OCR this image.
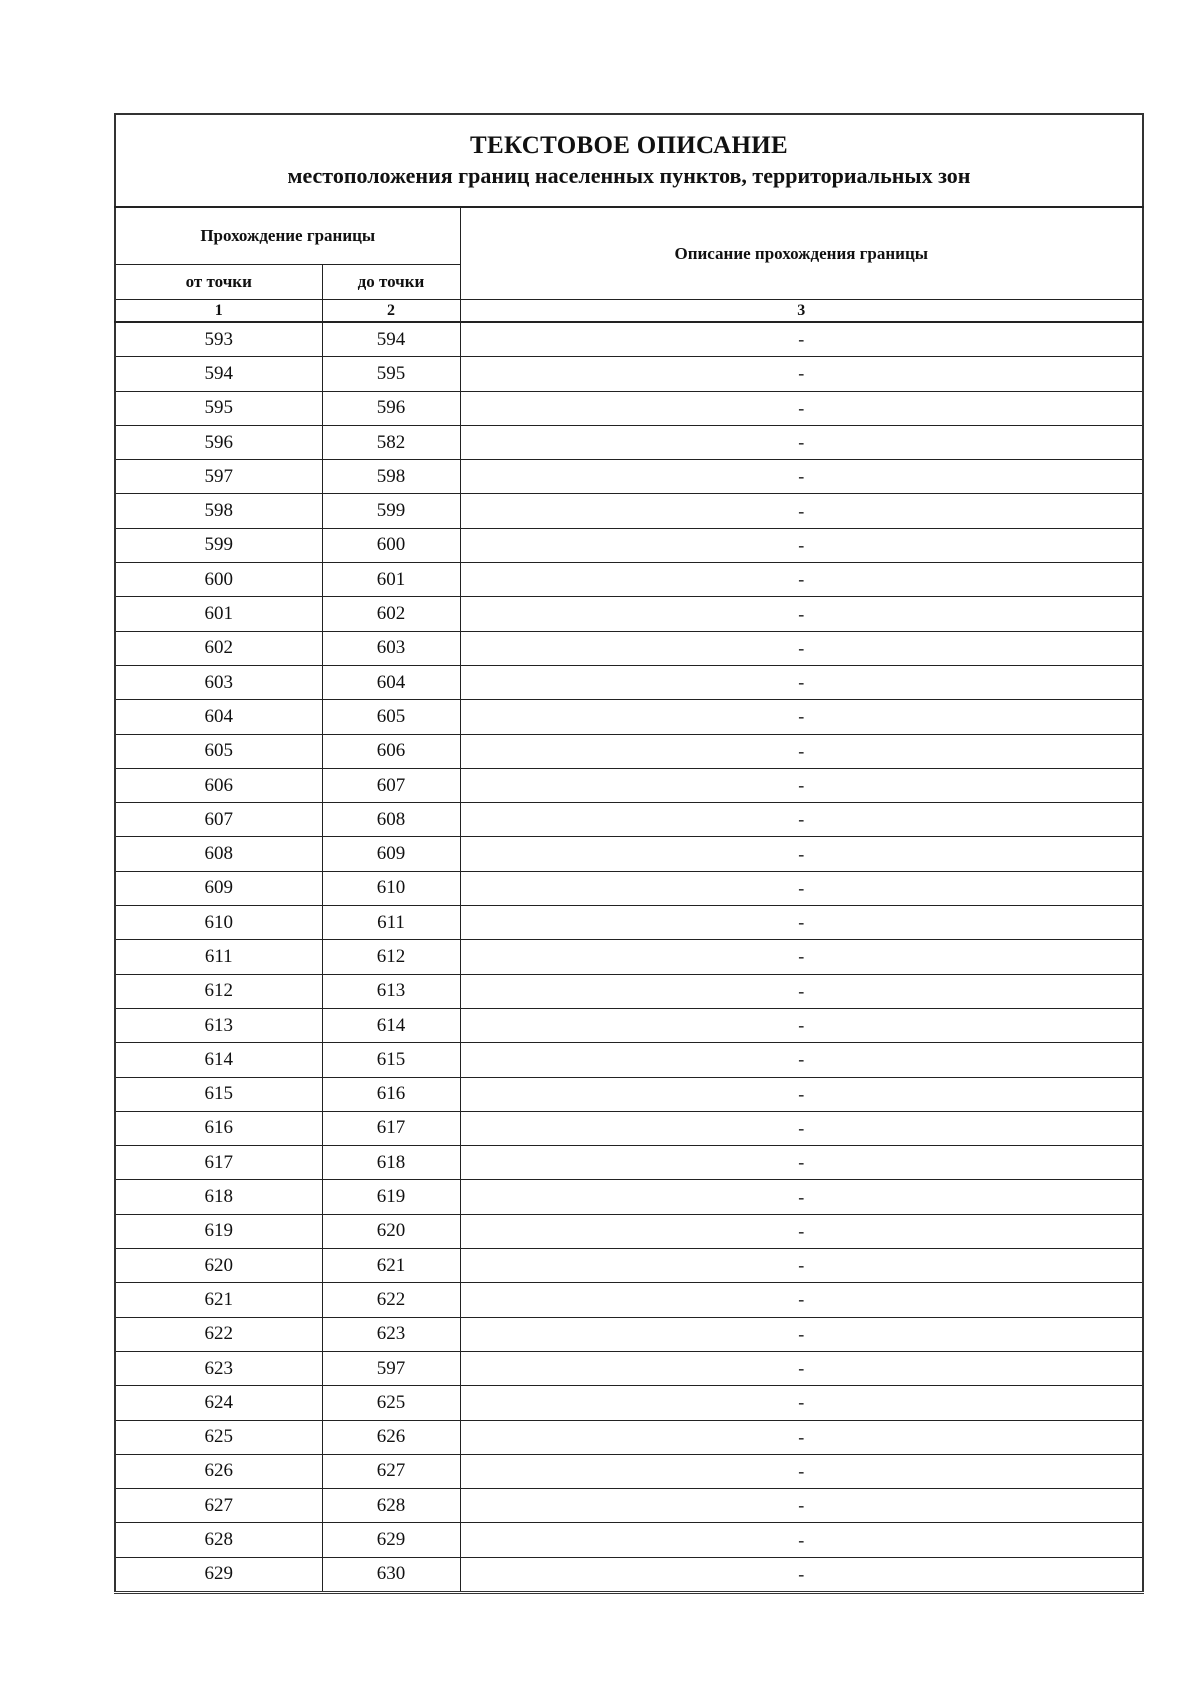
ТЕКСТОВОЕ ОПИСАНИЕ
местоположения границ населенных пунктов, территориальных зон		

Прохождение границы		Описание прохождения границы
от точки	до точки	
1	2	3
593	594	-
594	595	-
595	596	-
596	582	-
597	598	-
598	599	-
599	600	-
600	601	-
601	602	-
602	603	-
603	604	-
604	605	-
605	606	-
606	607	-
607	608	-
608	609	-
609	610	-
610	611	-
611	612	-
612	613	-
613	614	-
614	615	-
615	616	-
616	617	-
617	618	-
618	619	-
619	620	-
620	621	-
621	622	-
622	623	-
623	597	-
624	625	-
625	626	-
626	627	-
627	628	-
628	629	-
629	630	-
